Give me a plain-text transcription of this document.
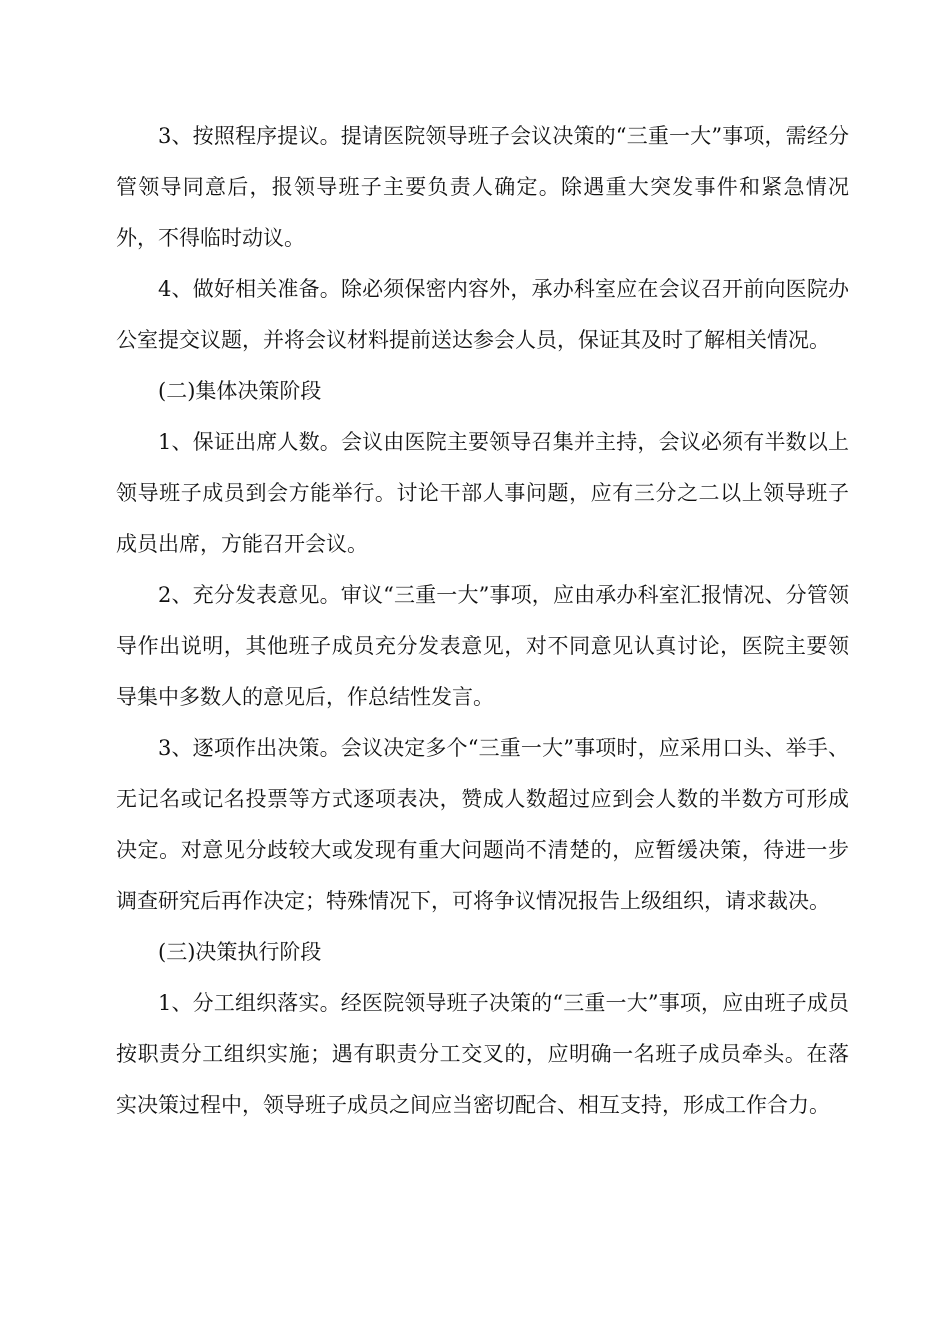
3、按照程序提议。提请医院领导班子会议决策的“三重一大”事项，需经分管领导同意后，报领导班子主要负责人确定。除遇重大突发事件和紧急情况外，不得临时动议。

4、做好相关准备。除必须保密内容外，承办科室应在会议召开前向医院办公室提交议题，并将会议材料提前送达参会人员，保证其及时了解相关情况。

(二)集体决策阶段

1、保证出席人数。会议由医院主要领导召集并主持，会议必须有半数以上领导班子成员到会方能举行。讨论干部人事问题，应有三分之二以上领导班子成员出席，方能召开会议。

2、充分发表意见。审议“三重一大”事项，应由承办科室汇报情况、分管领导作出说明，其他班子成员充分发表意见，对不同意见认真讨论，医院主要领导集中多数人的意见后，作总结性发言。

3、逐项作出决策。会议决定多个“三重一大”事项时，应采用口头、举手、无记名或记名投票等方式逐项表决，赞成人数超过应到会人数的半数方可形成决定。对意见分歧较大或发现有重大问题尚不清楚的，应暂缓决策，待进一步调查研究后再作决定；特殊情况下，可将争议情况报告上级组织，请求裁决。

(三)决策执行阶段

1、分工组织落实。经医院领导班子决策的“三重一大”事项，应由班子成员按职责分工组织实施；遇有职责分工交叉的，应明确一名班子成员牵头。在落实决策过程中，领导班子成员之间应当密切配合、相互支持，形成工作合力。
